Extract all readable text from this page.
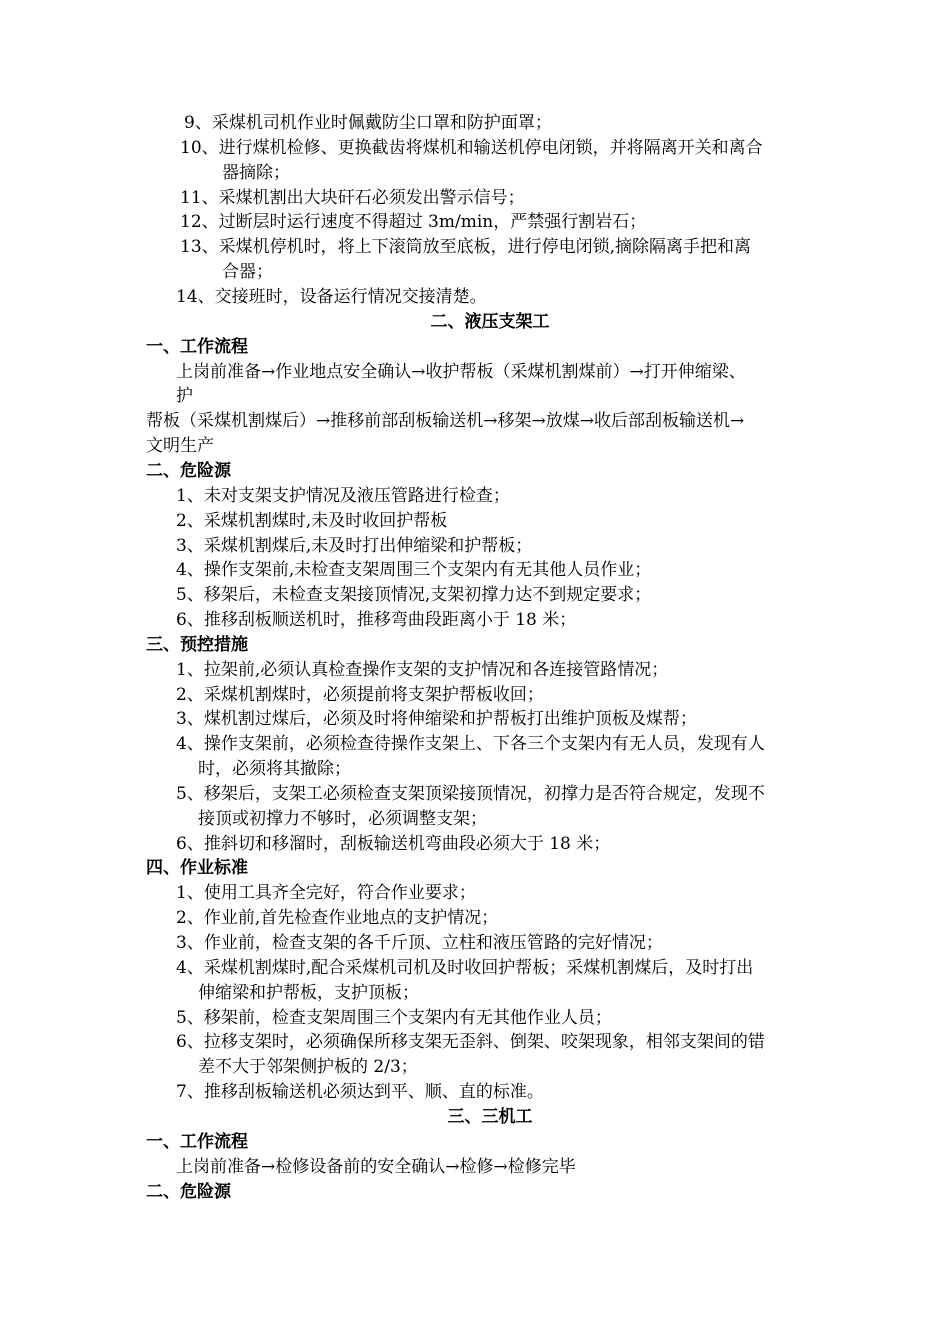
9、采煤机司机作业时佩戴防尘口罩和防护面罩；
10、进行煤机检修、更换截齿将煤机和输送机停电闭锁，并将隔离开关和离合
器摘除；
11、采煤机割出大块矸石必须发出警示信号；
12、过断层时运行速度不得超过 3m/min，严禁强行割岩石；
13、采煤机停机时，将上下滚筒放至底板，进行停电闭锁,摘除隔离手把和离
合器；
14、交接班时，设备运行情况交接清楚。
二、液压支架工
一、工作流程
上岗前准备→作业地点安全确认→收护帮板（采煤机割煤前）→打开伸缩梁、
护
帮板（采煤机割煤后）→推移前部刮板输送机→移架→放煤→收后部刮板输送机→
文明生产
二、危险源
1、未对支架支护情况及液压管路进行检查；
2、采煤机割煤时,未及时收回护帮板
3、采煤机割煤后,未及时打出伸缩梁和护帮板；
4、操作支架前,未检查支架周围三个支架内有无其他人员作业；
5、移架后，未检查支架接顶情况,支架初撑力达不到规定要求；
6、推移刮板顺送机时，推移弯曲段距离小于 18 米；
三、预控措施
1、拉架前,必须认真检查操作支架的支护情况和各连接管路情况；
2、采煤机割煤时，必须提前将支架护帮板收回；
3、煤机割过煤后，必须及时将伸缩梁和护帮板打出维护顶板及煤帮；
4、操作支架前，必须检查待操作支架上、下各三个支架内有无人员，发现有人
时，必须将其撤除；
5、移架后，支架工必须检查支架顶梁接顶情况，初撑力是否符合规定，发现不
接顶或初撑力不够时，必须调整支架；
6、推斜切和移溜时，刮板输送机弯曲段必须大于 18 米；
四、作业标准
1、使用工具齐全完好，符合作业要求；
2、作业前,首先检查作业地点的支护情况；
3、作业前，检查支架的各千斤顶、立柱和液压管路的完好情况；
4、采煤机割煤时,配合采煤机司机及时收回护帮板；采煤机割煤后，及时打出
伸缩梁和护帮板，支护顶板；
5、移架前，检查支架周围三个支架内有无其他作业人员；
6、拉移支架时，必须确保所移支架无歪斜、倒架、咬架现象，相邻支架间的错
差不大于邻架侧护板的 2/3；
7、推移刮板输送机必须达到平、顺、直的标准。
三、三机工
一、工作流程
上岗前准备→检修设备前的安全确认→检修→检修完毕
二、危险源
